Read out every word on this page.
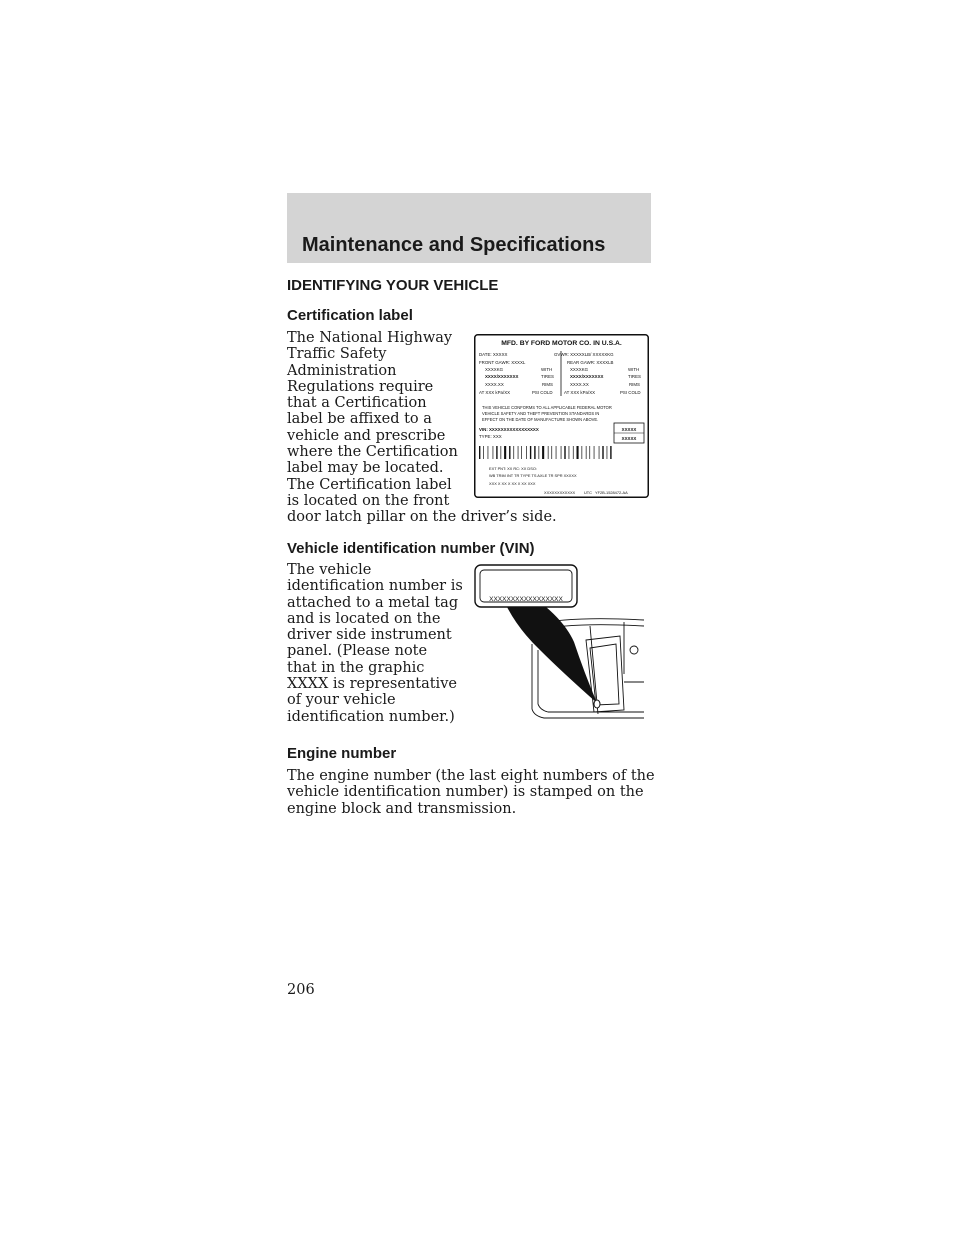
Maintenance and Specifications
IDENTIFYING YOUR VEHICLE
Certification label
The National Highway
Traffic Safety
Administration
Regulations require
that a Certification
label be affixed to a
vehicle and prescribe
where the Certification
label may be located.
The Certification label
is located on the front
door latch pillar on the driver’s side.
MFD. BY FORD MOTOR CO. IN U.S.A.
DATE: XXXXX	GVWR: XXXXXLB/ XXXXXKG
FRONT GAWR: XXXXL	REAR GAWR: XXXXLB
XXXXKG	WITH	XXXXKG	WITH
XXXX/XXXXXXX	TIRES	XXXX/XXXXXXX	TIRES
XXXX.XX	RIMS	XXXX.XX	RIMS
AT XXX kPa/XX	PSI COLD	AT XXX kPa/XX	PSI COLD
THIS VEHICLE CONFORMS TO ALL APPLICABLE FEDERAL MOTOR
VEHICLE SAFETY AND THEFT PREVENTION STANDARDS IN
EFFECT ON THE DATE OF MANUFACTURE SHOWN ABOVE.
VIN: XXXXXXXXXXXXXXXXX
TYPE: XXX
XXXXX
XXXXX
EXT PNT: XX RC: XX DSO:
WB TRIM INT TR TYPE TS AXLE TR SPR XXXXX
XXX X XX X XX X XX XXX
XXXXXXXXXXXX UTC YF2B-1528472-AA
Vehicle identification number (VIN)
The vehicle
identification number is
attached to a metal tag
and is located on the
driver side instrument
panel. (Please note
that in the graphic
XXXX is representative
of your vehicle
identification number.)
XXXXXXXXXXXXXXXXX
Engine number
The engine number (the last eight numbers of the
vehicle identification number) is stamped on the
engine block and transmission.

206
